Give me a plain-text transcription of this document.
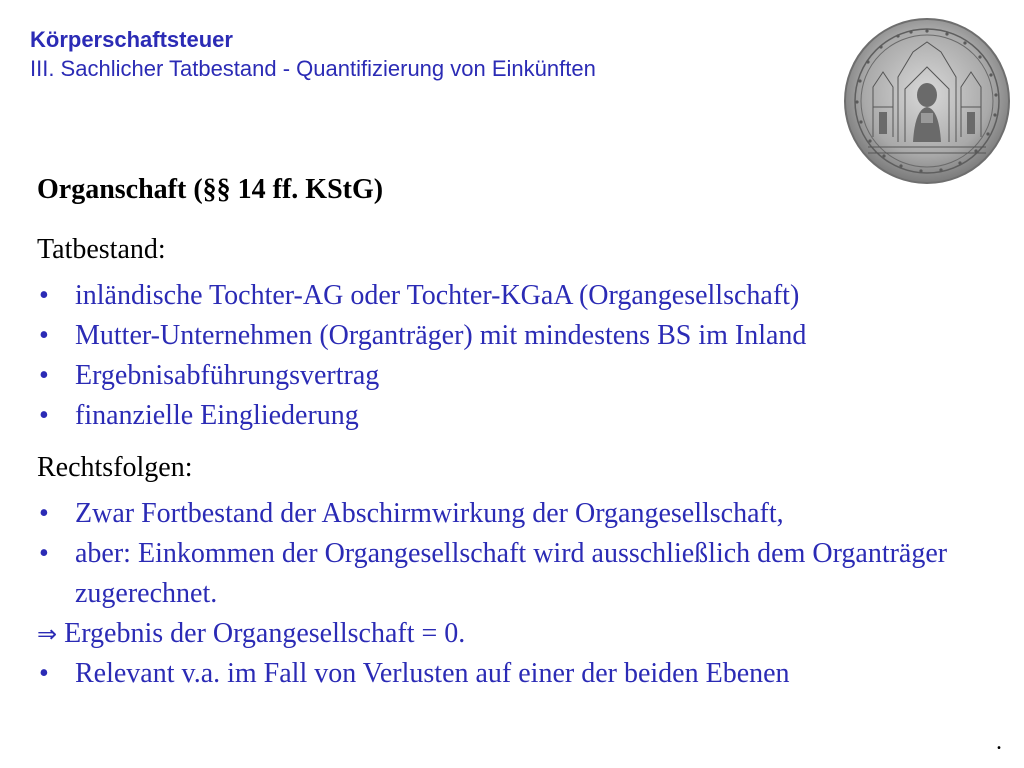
Körperschaftsteuer
III. Sachlicher Tatbestand - Quantifizierung von Einkünften

Organschaft (§§ 14 ff. KStG)

Tatbestand:

• inländische Tochter-AG oder Tochter-KGaA (Organgesellschaft)
• Mutter-Unternehmen (Organträger) mit mindestens BS im Inland
• Ergebnisabführungsvertrag
• finanzielle Eingliederung

Rechtsfolgen:

• Zwar Fortbestand der Abschirmwirkung der Organgesellschaft,
• aber: Einkommen der Organgesellschaft wird ausschließlich dem Organträger zugerechnet.
⇒ Ergebnis der Organgesellschaft = 0.
• Relevant v.a. im Fall von Verlusten auf einer der beiden Ebenen
.
